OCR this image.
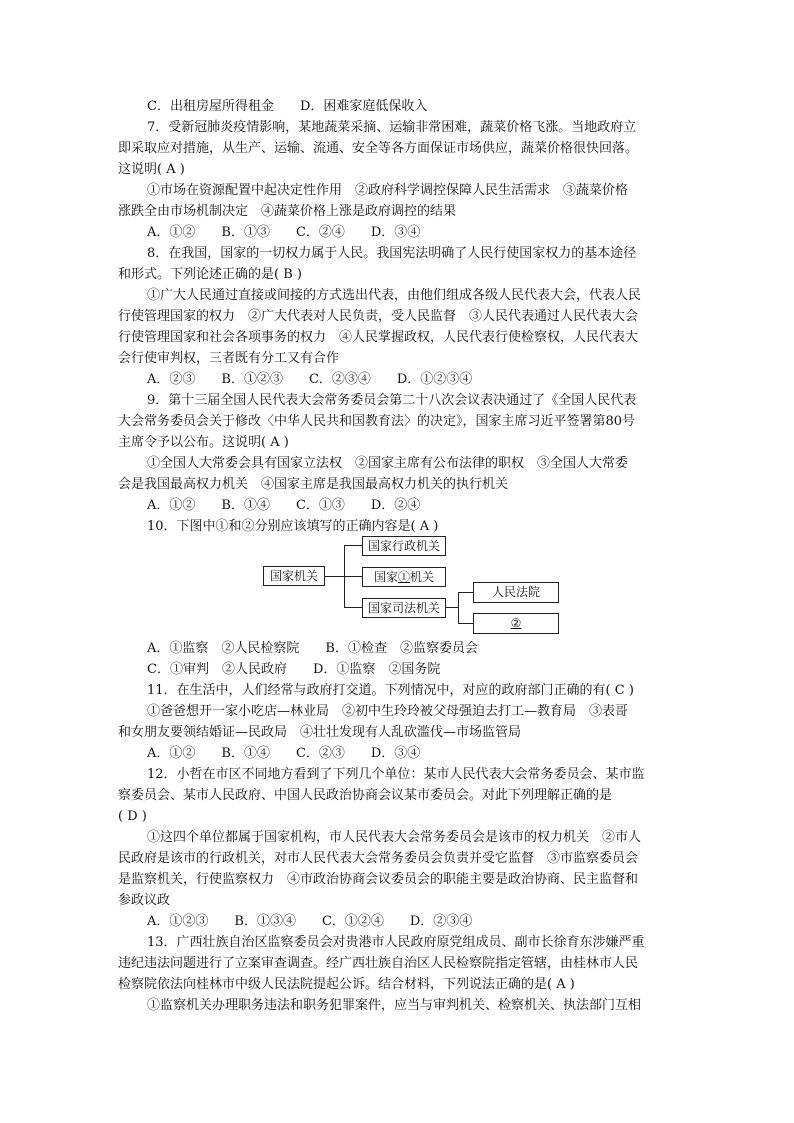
C．出租房屋所得租金　　D．困难家庭低保收入
7．受新冠肺炎疫情影响，某地蔬菜采摘、运输非常困难，蔬菜价格飞涨。当地政府立
即采取应对措施，从生产、运输、流通、安全等各方面保证市场供应，蔬菜价格很快回落。
这说明( A )
①市场在资源配置中起决定性作用　②政府科学调控保障人民生活需求　③蔬菜价格
涨跌全由市场机制决定　④蔬菜价格上涨是政府调控的结果
A．①②　　B．①③　　C．②④　　D．③④
8．在我国，国家的一切权力属于人民。我国宪法明确了人民行使国家权力的基本途径
和形式。下列论述正确的是( B )
①广大人民通过直接或间接的方式选出代表，由他们组成各级人民代表大会，代表人民
行使管理国家的权力　②广大代表对人民负责，受人民监督　③人民代表通过人民代表大会
行使管理国家和社会各项事务的权力　④人民掌握政权，人民代表行使检察权，人民代表大
会行使审判权，三者既有分工又有合作
A．②③　　B．①②③　　C．②③④　　D．①②③④
9．第十三届全国人民代表大会常务委员会第二十八次会议表决通过了《全国人民代表
大会常务委员会关于修改〈中华人民共和国教育法〉的决定》，国家主席习近平签署第80号
主席令予以公布。这说明( A )
①全国人大常委会具有国家立法权　②国家主席有公布法律的职权　③全国人大常委
会是我国最高权力机关　④国家主席是我国最高权力机关的执行机关
A．①②　　B．①④　　C．①③　　D．②④
10．下图中①和②分别应该填写的正确内容是( A )
国家机关
国家行政机关
国家①机关
国家司法机关
人民法院
②
A．①监察　②人民检察院　　B．①检查　②监察委员会
C．①审判　②人民政府　　D．①监察　②国务院
11．在生活中，人们经常与政府打交道。下列情况中，对应的政府部门正确的有( C )
①爸爸想开一家小吃店—林业局　②初中生玲玲被父母强迫去打工—教育局　③表哥
和女朋友要领结婚证—民政局　④壮壮发现有人乱砍滥伐—市场监管局
A．①②　　B．①④　　C．②③　　D．③④
12．小哲在市区不同地方看到了下列几个单位：某市人民代表大会常务委员会、某市监
察委员会、某市人民政府、中国人民政治协商会议某市委员会。对此下列理解正确的是
( D )
①这四个单位都属于国家机构，市人民代表大会常务委员会是该市的权力机关　②市人
民政府是该市的行政机关，对市人民代表大会常务委员会负责并受它监督　③市监察委员会
是监察机关，行使监察权力　④市政治协商会议委员会的职能主要是政治协商、民主监督和
参政议政
A．①②③　　B．①③④　　C．①②④　　D．②③④
13．广西壮族自治区监察委员会对贵港市人民政府原党组成员、副市长徐育东涉嫌严重
违纪违法问题进行了立案审查调查。经广西壮族自治区人民检察院指定管辖，由桂林市人民
检察院依法向桂林市中级人民法院提起公诉。结合材料，下列说法正确的是( A )
①监察机关办理职务违法和职务犯罪案件，应当与审判机关、检察机关、执法部门互相
